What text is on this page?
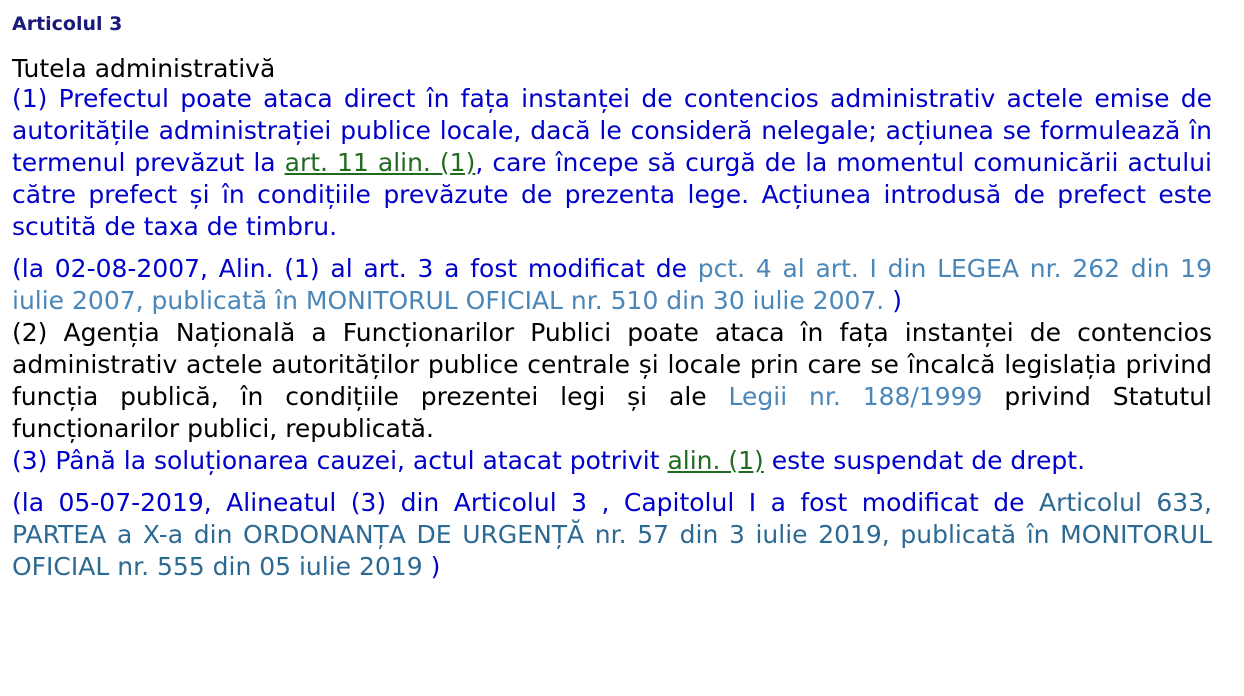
Articolul 3

Tutela administrativă

(1) Prefectul poate ataca direct în fața instanței de contencios administrativ actele emise de autoritățile administrației publice locale, dacă le consideră nelegale; acțiunea se formulează în termenul prevăzut la art. 11 alin. (1), care începe să curgă de la momentul comunicării actului către prefect și în condițiile prevăzute de prezenta lege. Acțiunea introdusă de prefect este scutită de taxa de timbru.

(la 02-08-2007, Alin. (1) al art. 3 a fost modificat de pct. 4 al art. I din LEGEA nr. 262 din 19 iulie 2007, publicată în MONITORUL OFICIAL nr. 510 din 30 iulie 2007. )

(2) Agenția Națională a Funcționarilor Publici poate ataca în fața instanței de contencios administrativ actele autorităților publice centrale și locale prin care se încalcă legislația privind funcția publică, în condițiile prezentei legi și ale Legii nr. 188/1999 privind Statutul funcționarilor publici, republicată.

(3) Până la soluționarea cauzei, actul atacat potrivit alin. (1) este suspendat de drept.

(la 05-07-2019, Alineatul (3) din Articolul 3 , Capitolul I a fost modificat de Articolul 633, PARTEA a X-a din ORDONANȚA DE URGENȚĂ nr. 57 din 3 iulie 2019, publicată în MONITORUL OFICIAL nr. 555 din 05 iulie 2019 )
